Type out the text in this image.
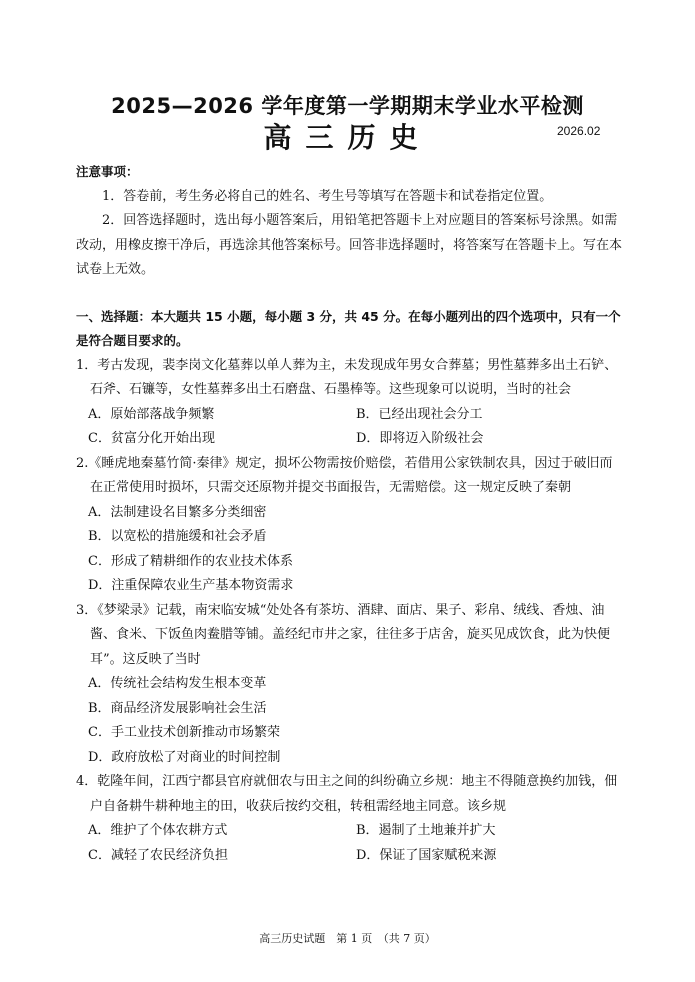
2025—2026 学年度第一学期期末学业水平检测
高三历史	2026.02
注意事项：
1．答卷前，考生务必将自己的姓名、考生号等填写在答题卡和试卷指定位置。
2．回答选择题时，选出每小题答案后，用铅笔把答题卡上对应题目的答案标号涂黑。如需改动，用橡皮擦干净后，再选涂其他答案标号。回答非选择题时，将答案写在答题卡上。写在本试卷上无效。
一、选择题：本大题共 15 小题，每小题 3 分，共 45 分。在每小题列出的四个选项中，只有一个是符合题目要求的。
1．考古发现，裴李岗文化墓葬以单人葬为主，未发现成年男女合葬墓；男性墓葬多出土石铲、石斧、石镰等，女性墓葬多出土石磨盘、石墨棒等。这些现象可以说明，当时的社会
A．原始部落战争频繁	B．已经出现社会分工
C．贫富分化开始出现	D．即将迈入阶级社会
2.《睡虎地秦墓竹简·秦律》规定，损坏公物需按价赔偿，若借用公家铁制农具，因过于破旧而在正常使用时损坏，只需交还原物并提交书面报告，无需赔偿。这一规定反映了秦朝
A．法制建设名目繁多分类细密
B．以宽松的措施缓和社会矛盾
C．形成了精耕细作的农业技术体系
D．注重保障农业生产基本物资需求
3．《梦梁录》记载，南宋临安城“处处各有茶坊、酒肆、面店、果子、彩帛、绒线、香烛、油酱、食米、下饭鱼肉鲞腊等铺。盖经纪市井之家，往往多于店舍，旋买见成饮食，此为快便耳”。这反映了当时
A．传统社会结构发生根本变革
B．商品经济发展影响社会生活
C．手工业技术创新推动市场繁荣
D．政府放松了对商业的时间控制
4．乾隆年间，江西宁都县官府就佃农与田主之间的纠纷确立乡规：地主不得随意换约加钱，佃户自备耕牛耕种地主的田，收获后按约交租，转租需经地主同意。该乡规
A．维护了个体农耕方式	B．遏制了土地兼并扩大
C．减轻了农民经济负担	D．保证了国家赋税来源
高三历史试题　第 1 页　（共 7 页）
